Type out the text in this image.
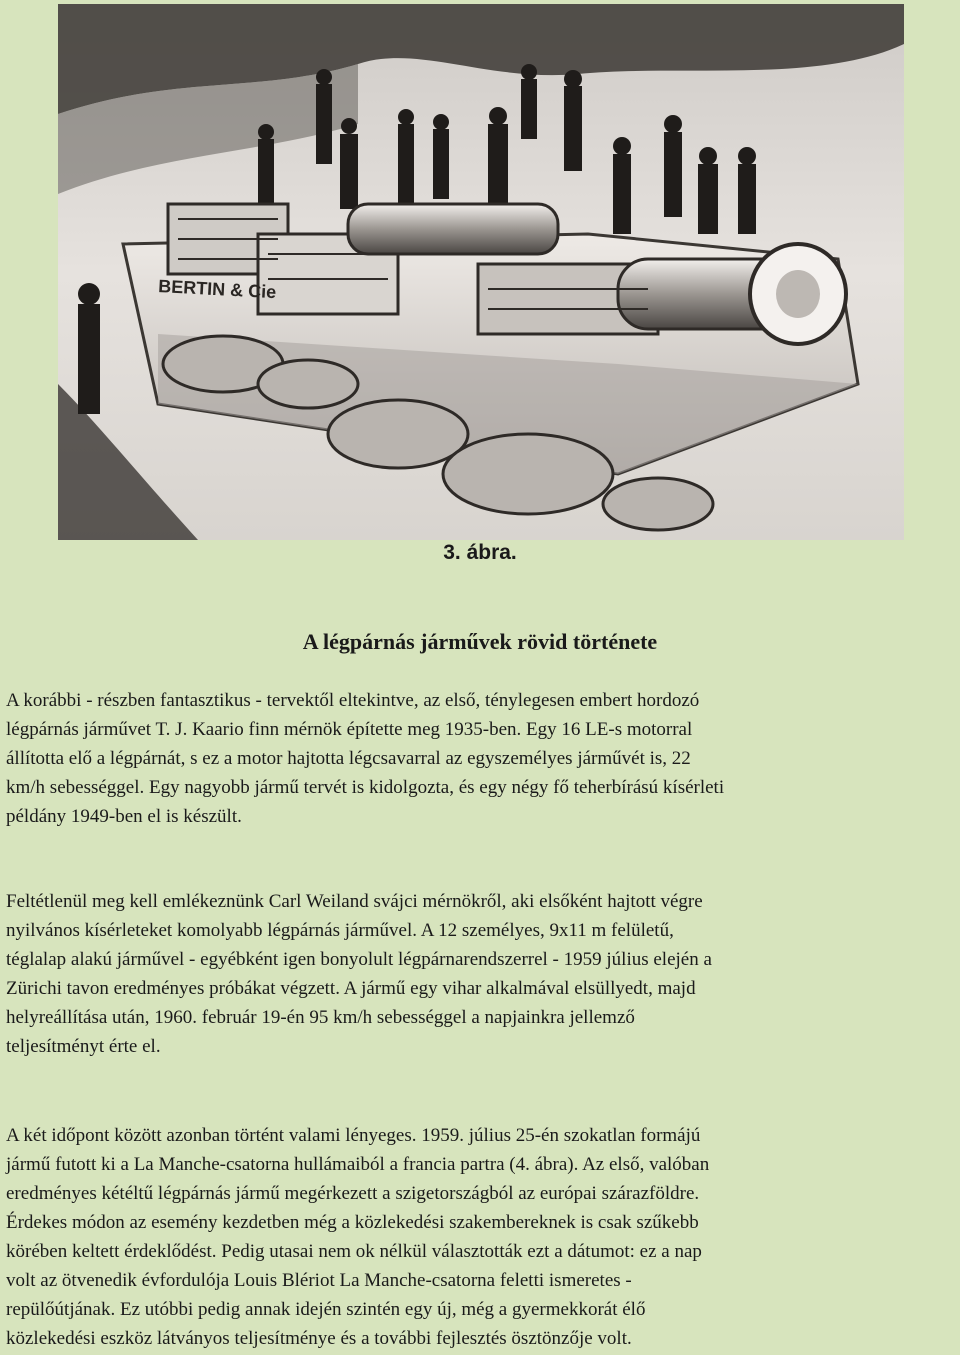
BERTIN & Cie
3. ábra.
A légpárnás járművek rövid története
A korábbi - részben fantasztikus - tervektől eltekintve, az első, ténylegesen embert hordozó
légpárnás járművet T. J. Kaario finn mérnök építette meg 1935-ben. Egy 16 LE-s motorral
állította elő a légpárnát, s ez a motor hajtotta légcsavarral az egyszemélyes járművét is, 22
km/h sebességgel. Egy nagyobb jármű tervét is kidolgozta, és egy négy fő teherbírású kísérleti
példány 1949-ben el is készült.
Feltétlenül meg kell emlékeznünk Carl Weiland svájci mérnökről, aki elsőként hajtott végre
nyilvános kísérleteket komolyabb légpárnás járművel. A 12 személyes, 9x11 m felületű,
téglalap alakú járművel - egyébként igen bonyolult légpárnarendszerrel - 1959 július elején a
Zürichi tavon eredményes próbákat végzett. A jármű egy vihar alkalmával elsüllyedt, majd
helyreállítása után, 1960. február 19-én 95 km/h sebességgel a napjainkra jellemző
teljesítményt érte el.
A két időpont között azonban történt valami lényeges. 1959. július 25-én szokatlan formájú
jármű futott ki a La Manche-csatorna hullámaiból a francia partra (4. ábra). Az első, valóban
eredményes kétéltű légpárnás jármű megérkezett a szigetországból az európai szárazföldre.
Érdekes módon az esemény kezdetben még a közlekedési szakembereknek is csak szűkebb
körében keltett érdeklődést. Pedig utasai nem ok nélkül választották ezt a dátumot: ez a nap
volt az ötvenedik évfordulója Louis Blériot La Manche-csatorna feletti ismeretes -
repülőútjának. Ez utóbbi pedig annak idején szintén egy új, még a gyermekkorát élő
közlekedési eszköz látványos teljesítménye és a további fejlesztés ösztönzője volt.
